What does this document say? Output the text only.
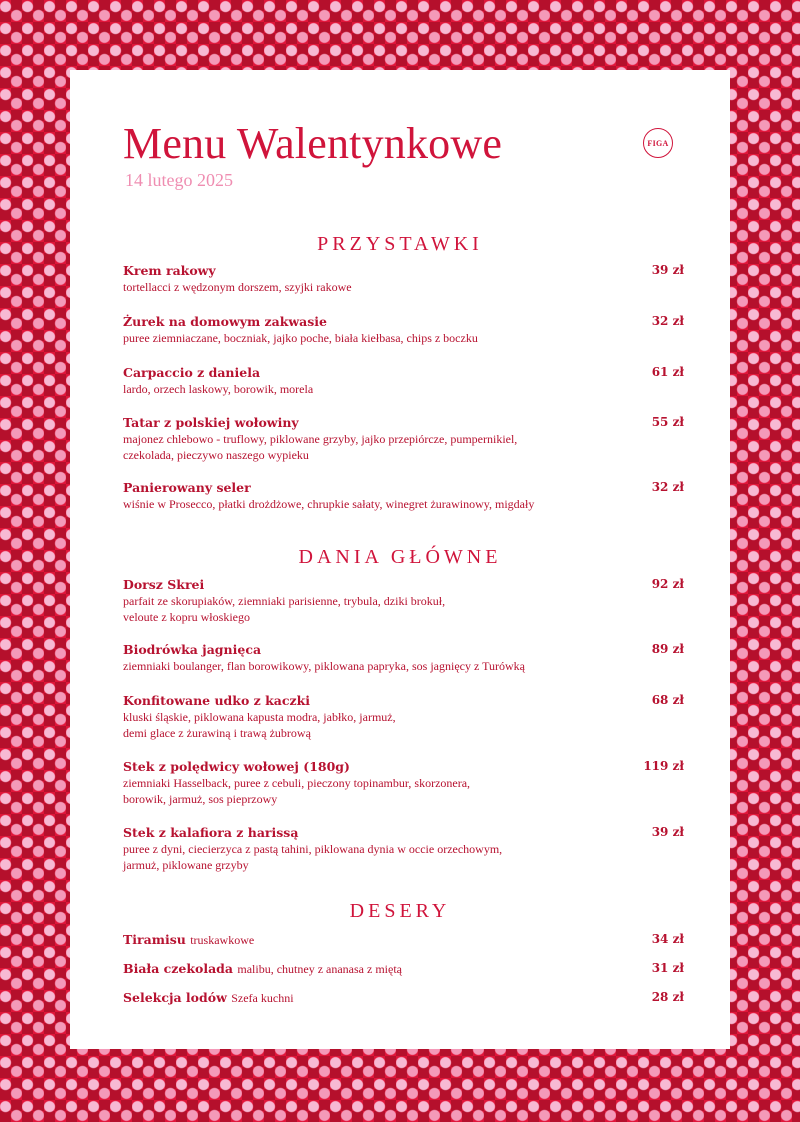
Menu Walentynkowe
14 lutego 2025
FIGA
PRZYSTAWKI
Krem rakowy
tortellacci z wędzonym dorszem, szyjki rakowe
39 zł
Żurek na domowym zakwasie
puree ziemniaczane, boczniak, jajko poche, biała kiełbasa, chips z boczku
32 zł
Carpaccio z daniela
lardo, orzech laskowy, borowik, morela
61 zł
Tatar z polskiej wołowiny
majonez chlebowo - truflowy, piklowane grzyby, jajko przepiórcze, pumpernikiel,
czekolada, pieczywo naszego wypieku
55 zł
Panierowany seler
wiśnie w Prosecco, płatki drożdżowe, chrupkie sałaty, winegret żurawinowy, migdały
32 zł
DANIA GŁÓWNE
Dorsz Skrei
parfait ze skorupiaków, ziemniaki parisienne, trybula, dziki brokuł,
veloute z kopru włoskiego
92 zł
Biodrówka jagnięca
ziemniaki boulanger, flan borowikowy, piklowana papryka, sos jagnięcy z Turówką
89 zł
Konfitowane udko z kaczki
kluski śląskie, piklowana kapusta modra, jabłko, jarmuż,
demi glace z żurawiną i trawą żubrową
68 zł
Stek z polędwicy wołowej (180g)
ziemniaki Hasselback, puree z cebuli, pieczony topinambur, skorzonera,
borowik, jarmuż, sos pieprzowy
119 zł
Stek z kalafiora z harissą
puree z dyni, ciecierzyca z pastą tahini, piklowana dynia w occie orzechowym,
jarmuż, piklowane grzyby
39 zł
DESERY
Tiramisu truskawkowe	34 zł
Biała czekolada malibu, chutney z ananasa z miętą	31 zł
Selekcja lodów Szefa kuchni	28 zł
